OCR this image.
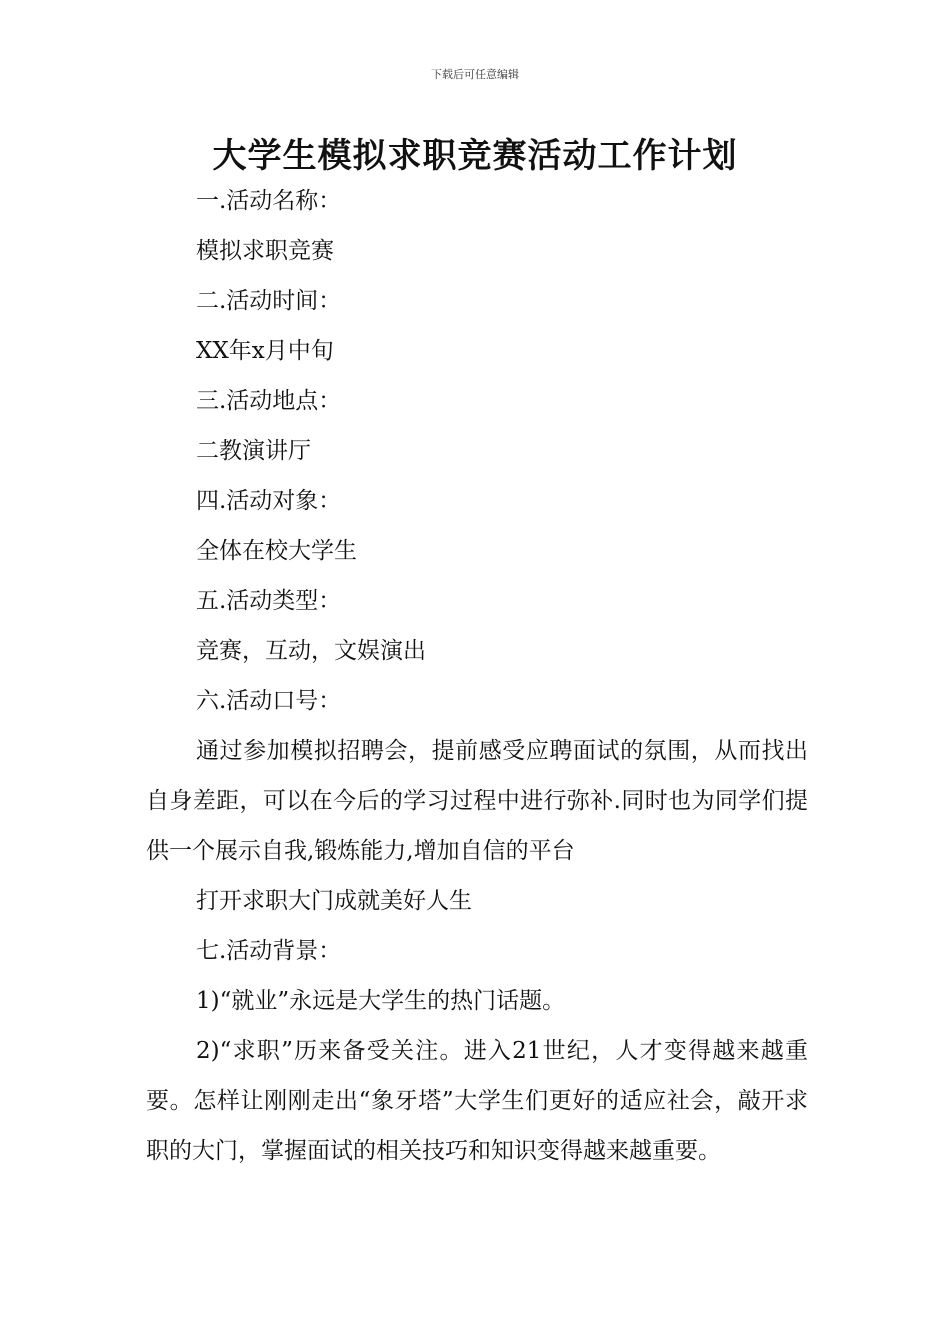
下载后可任意编辑
大学生模拟求职竞赛活动工作计划

一.活动名称：

模拟求职竞赛

二.活动时间：

XX年x月中旬

三.活动地点：

二教演讲厅

四.活动对象：

全体在校大学生

五.活动类型：

竞赛，互动，文娱演出

六.活动口号：

通过参加模拟招聘会，提前感受应聘面试的氛围，从而找出自身差距，可以在今后的学习过程中进行弥补.同时也为同学们提供一个展示自我,锻炼能力,增加自信的平台

打开求职大门成就美好人生

七.活动背景：

1)“就业”永远是大学生的热门话题。

2)“求职”历来备受关注。进入21世纪，人才变得越来越重要。怎样让刚刚走出“象牙塔”大学生们更好的适应社会，敲开求职的大门，掌握面试的相关技巧和知识变得越来越重要。
